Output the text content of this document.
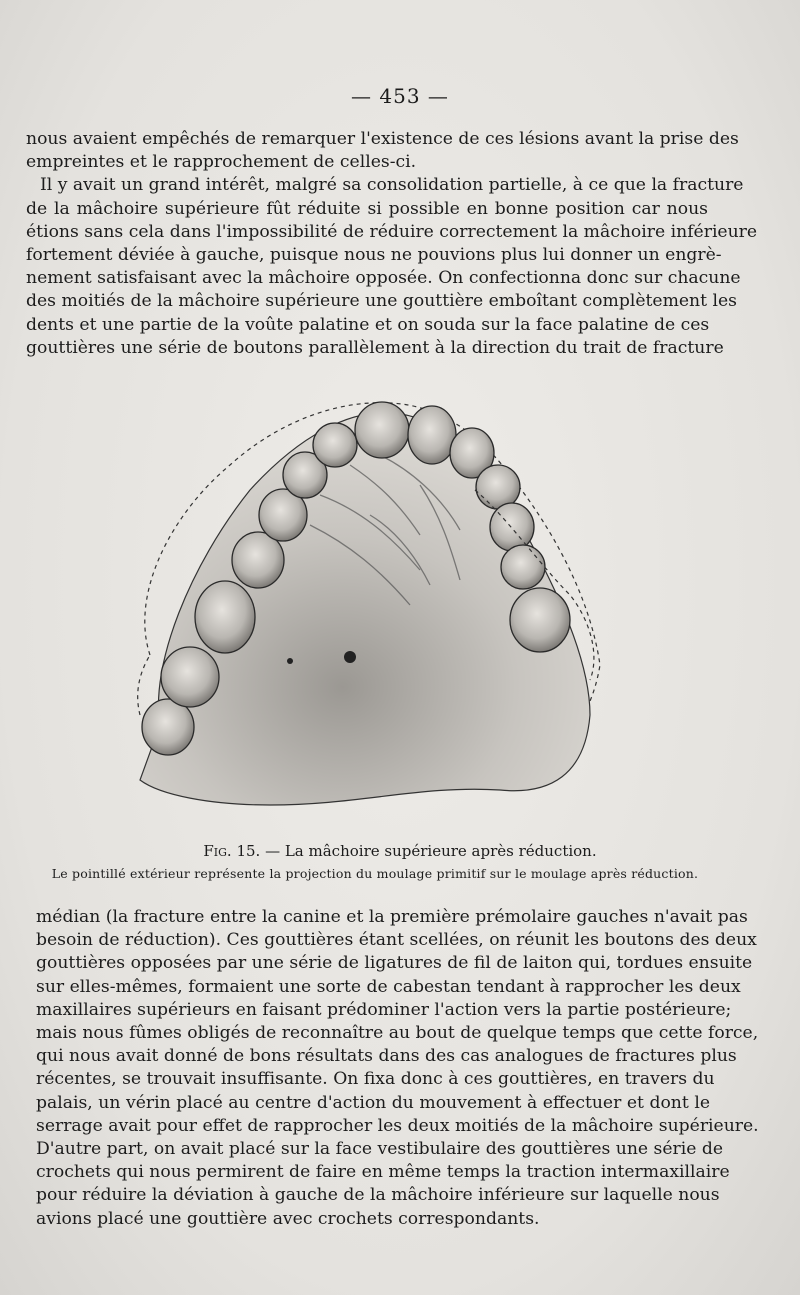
— 453 —
nous avaient empêchés de remarquer l'existence de ces lésions avant la prise des
empreintes et le rapprochement de celles-ci.
Il y avait un grand intérêt, malgré sa consolidation partielle, à ce que la fracture
de la mâchoire supérieure fût réduite si possible en bonne position car nous
étions sans cela dans l'impossibilité de réduire correctement la mâchoire inférieure
fortement déviée à gauche, puisque nous ne pouvions plus lui donner un engrè-
nement satisfaisant avec la mâchoire opposée. On confectionna donc sur chacune
des moitiés de la mâchoire supérieure une gouttière emboîtant complètement les
dents et une partie de la voûte palatine et on souda sur la face palatine de ces
gouttières une série de boutons parallèlement à la direction du trait de fracture
Fig. 15. — La mâchoire supérieure après réduction.
Le pointillé extérieur représente la projection du moulage primitif sur le moulage après réduction.
médian (la fracture entre la canine et la première prémolaire gauches n'avait pas
besoin de réduction). Ces gouttières étant scellées, on réunit les boutons des deux
gouttières opposées par une série de ligatures de fil de laiton qui, tordues ensuite
sur elles-mêmes, formaient une sorte de cabestan tendant à rapprocher les deux
maxillaires supérieurs en faisant prédominer l'action vers la partie postérieure;
mais nous fûmes obligés de reconnaître au bout de quelque temps que cette force,
qui nous avait donné de bons résultats dans des cas analogues de fractures plus
récentes, se trouvait insuffisante. On fixa donc à ces gouttières, en travers du
palais, un vérin placé au centre d'action du mouvement à effectuer et dont le
serrage avait pour effet de rapprocher les deux moitiés de la mâchoire supérieure.
D'autre part, on avait placé sur la face vestibulaire des gouttières une série de
crochets qui nous permirent de faire en même temps la traction intermaxillaire
pour réduire la déviation à gauche de la mâchoire inférieure sur laquelle nous
avions placé une gouttière avec crochets correspondants.
